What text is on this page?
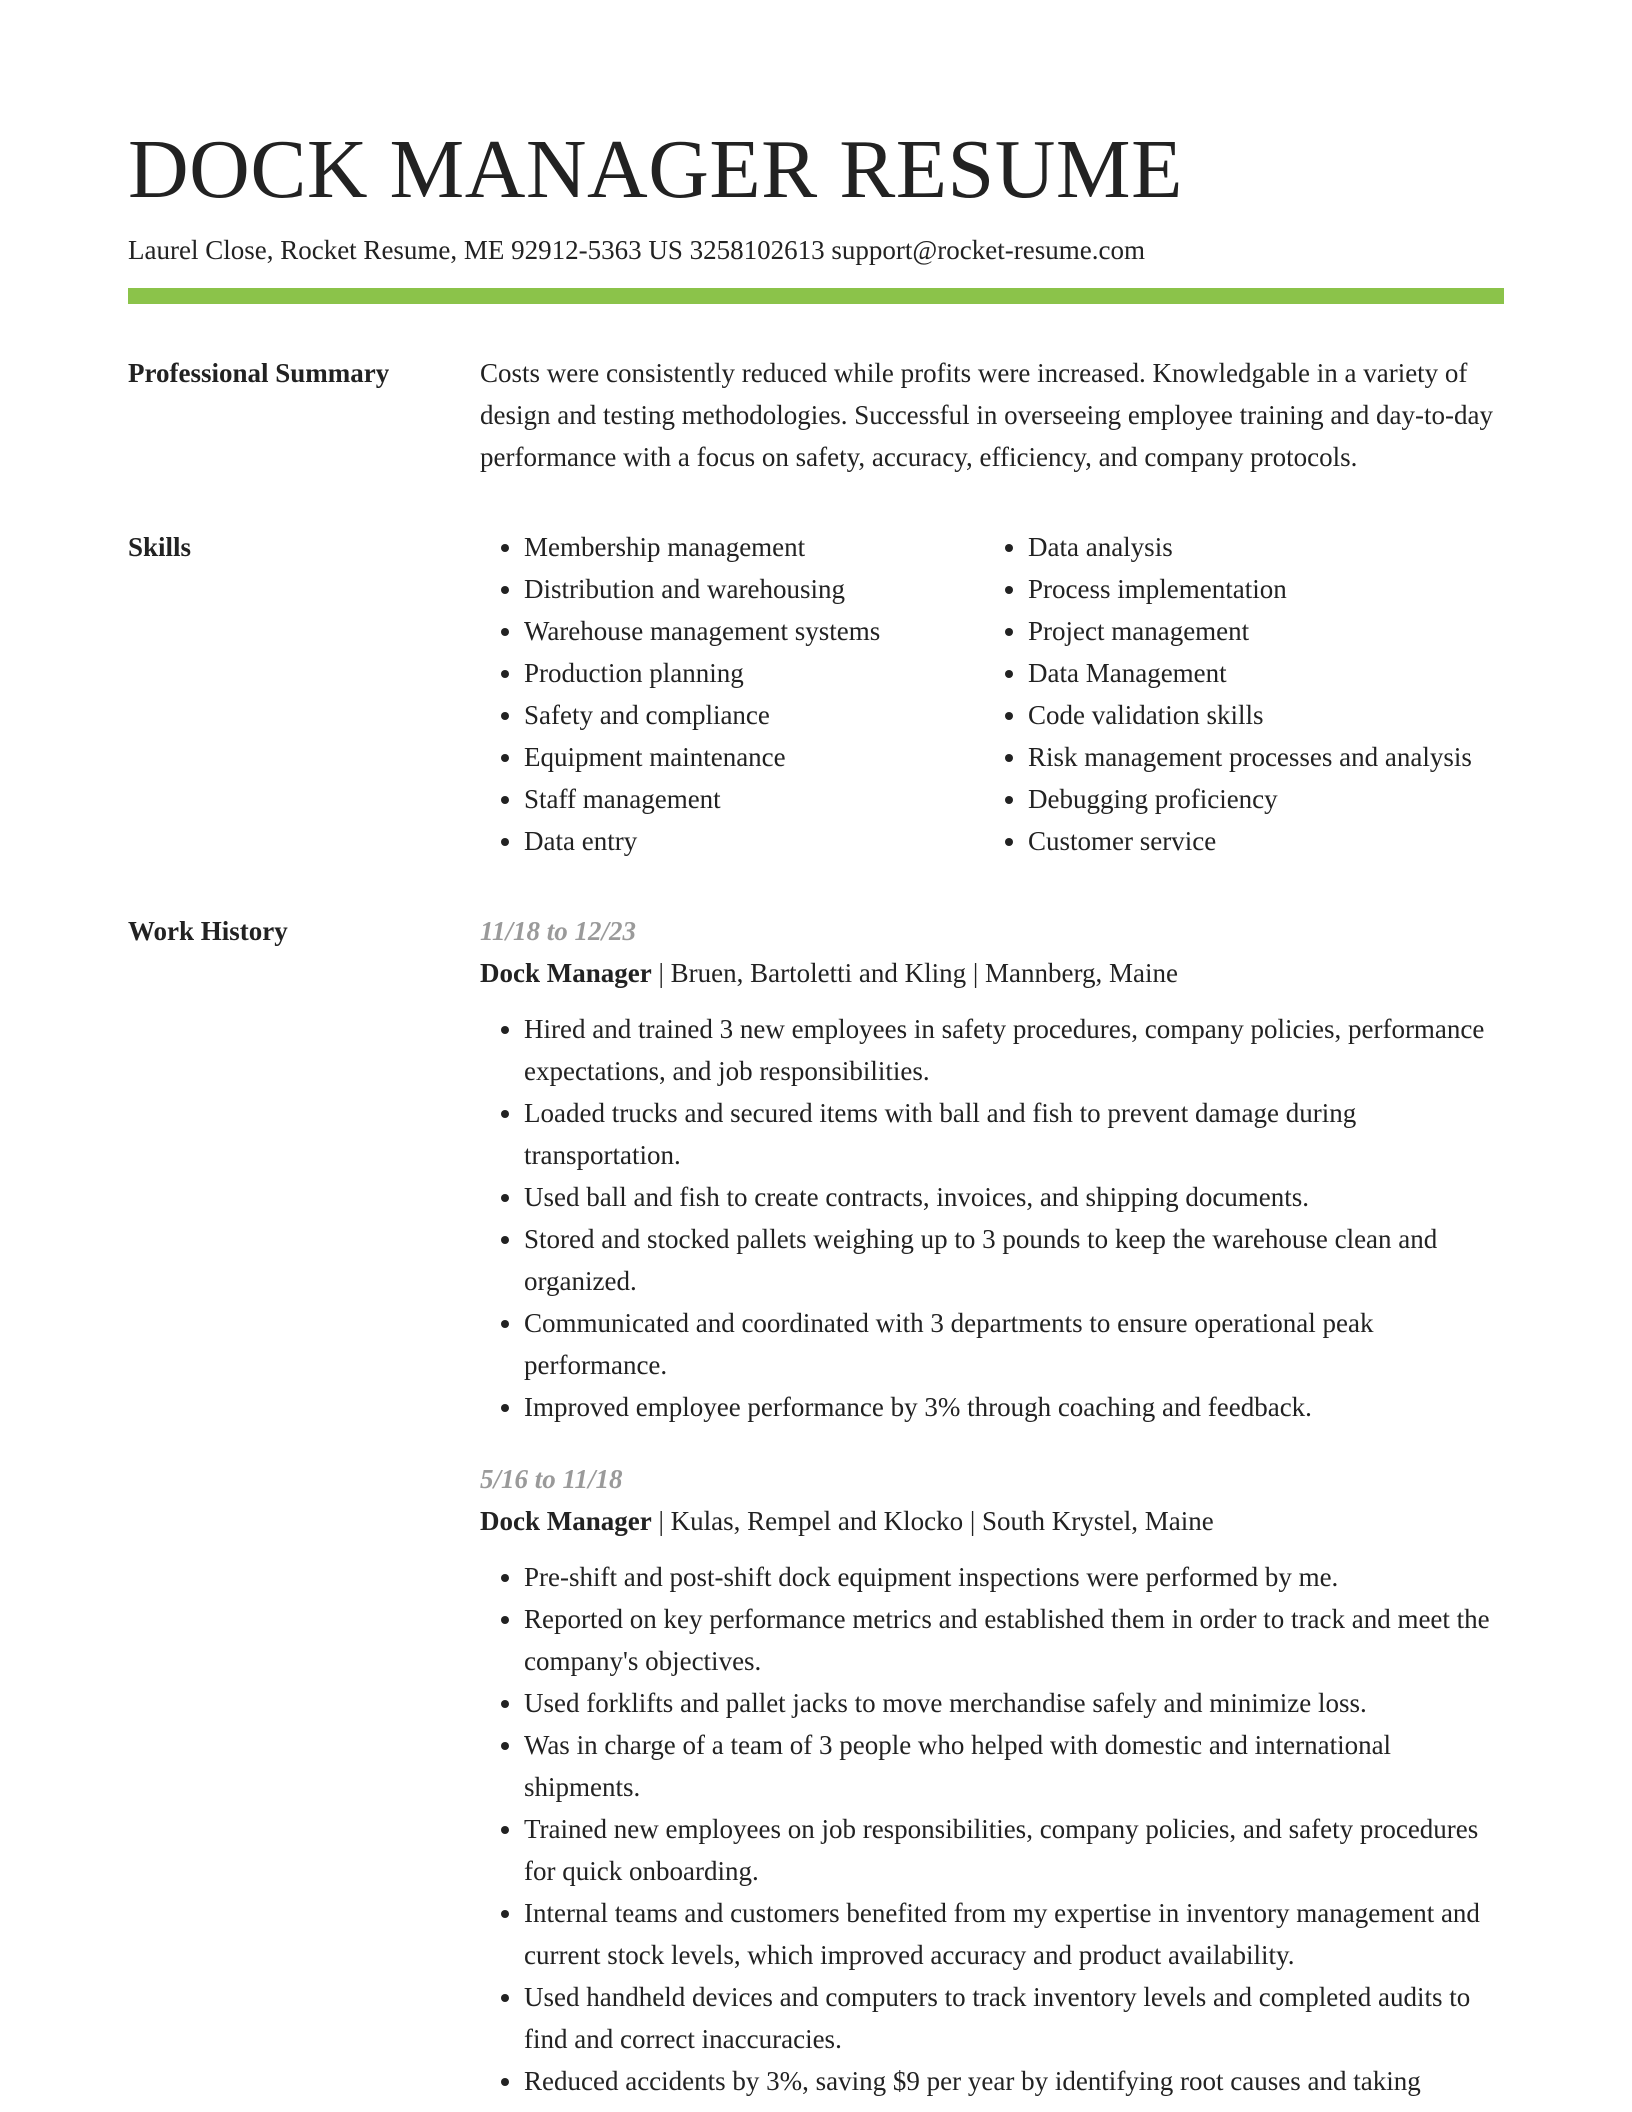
DOCK MANAGER RESUME
Laurel Close, Rocket Resume, ME 92912-5363 US 3258102613 support@rocket-resume.com
Professional Summary	Costs were consistently reduced while profits were increased. Knowledgable in a variety of design and testing methodologies. Successful in overseeing employee training and day-to-day performance with a focus on safety, accuracy, efficiency, and company protocols.

Skills
•	Membership management
• Distribution and warehousing
• Warehouse management systems
• Production planning
• Safety and compliance
• Equipment maintenance
• Staff management
• Data entry
• Data analysis
• Process implementation
• Project management
• Data Management
• Code validation skills
• Risk management processes and analysis
• Debugging proficiency
• Customer service
Work History	11/18 to 12/23
Dock Manager | Bruen, Bartoletti and Kling | Mannberg, Maine
• Hired and trained 3 new employees in safety procedures, company policies, performance expectations, and job responsibilities.
• Loaded trucks and secured items with ball and fish to prevent damage during transportation.
• Used ball and fish to create contracts, invoices, and shipping documents.
• Stored and stocked pallets weighing up to 3 pounds to keep the warehouse clean and organized.
• Communicated and coordinated with 3 departments to ensure operational peak performance.
• Improved employee performance by 3% through coaching and feedback.
5/16 to 11/18
Dock Manager | Kulas, Rempel and Klocko | South Krystel, Maine
• Pre-shift and post-shift dock equipment inspections were performed by me.
• Reported on key performance metrics and established them in order to track and meet the company's objectives.
• Used forklifts and pallet jacks to move merchandise safely and minimize loss.
• Was in charge of a team of 3 people who helped with domestic and international shipments.
• Trained new employees on job responsibilities, company policies, and safety procedures for quick onboarding.
• Internal teams and customers benefited from my expertise in inventory management and current stock levels, which improved accuracy and product availability.
• Used handheld devices and computers to track inventory levels and completed audits to find and correct inaccuracies.
• Reduced accidents by 3%, saving $9 per year by identifying root causes and taking
